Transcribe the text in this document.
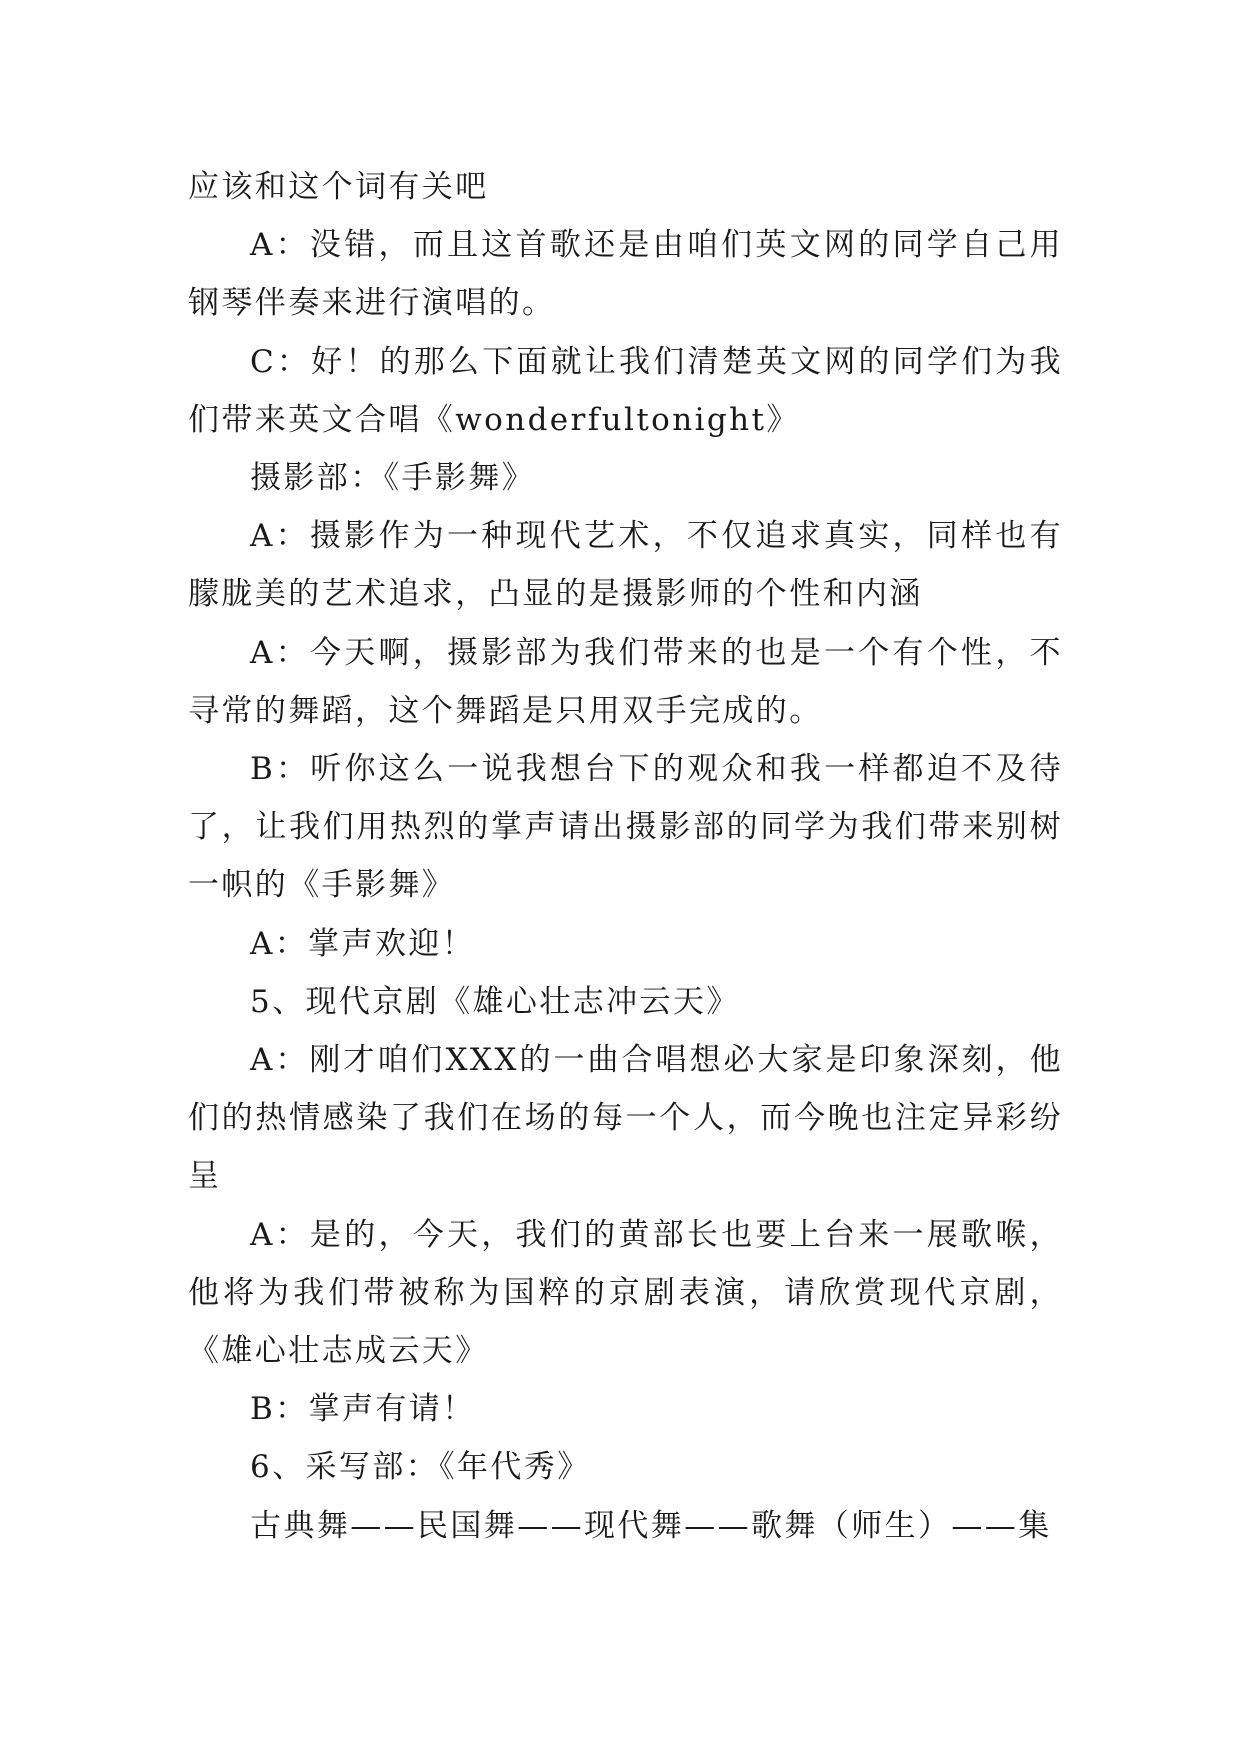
应该和这个词有关吧

A：没错，而且这首歌还是由咱们英文网的同学自己用钢琴伴奏来进行演唱的。

C：好！的那么下面就让我们清楚英文网的同学们为我们带来英文合唱《wonderfultonight》

摄影部：《手影舞》

A：摄影作为一种现代艺术，不仅追求真实，同样也有朦胧美的艺术追求，凸显的是摄影师的个性和内涵

A：今天啊，摄影部为我们带来的也是一个有个性，不寻常的舞蹈，这个舞蹈是只用双手完成的。

B：听你这么一说我想台下的观众和我一样都迫不及待了，让我们用热烈的掌声请出摄影部的同学为我们带来别树一帜的《手影舞》

A：掌声欢迎！

5、现代京剧《雄心壮志冲云天》

A：刚才咱们XXX的一曲合唱想必大家是印象深刻，他们的热情感染了我们在场的每一个人，而今晚也注定异彩纷呈

A：是的，今天，我们的黄部长也要上台来一展歌喉，他将为我们带被称为国粹的京剧表演，请欣赏现代京剧，《雄心壮志成云天》

B：掌声有请！

6、采写部：《年代秀》

古典舞——民国舞——现代舞——歌舞（师生）——集
